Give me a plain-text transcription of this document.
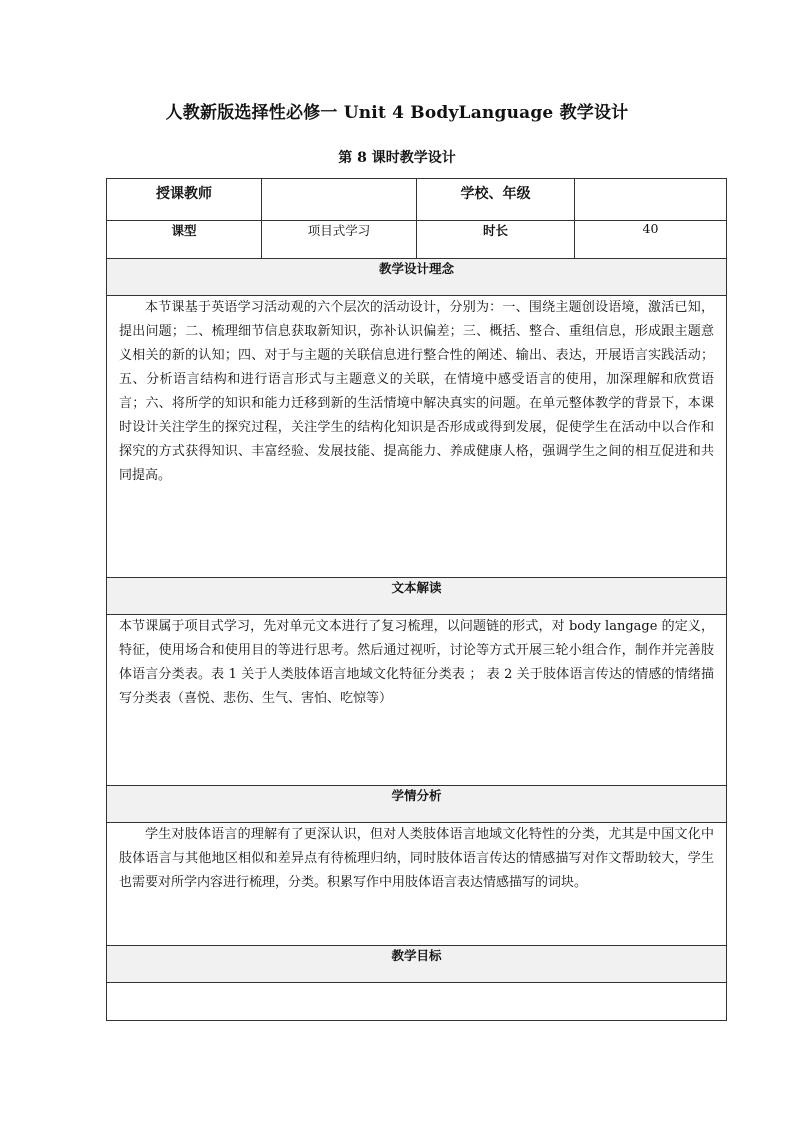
人教新版选择性必修一 Unit 4 BodyLanguage 教学设计
第 8 课时教学设计
授课教师		学校、年级	
课型	项目式学习	时长	40
教学设计理念			

本节课基于英语学习活动观的六个层次的活动设计，分别为：一、围绕主题创设语境，激活已知，提出问题；二、梳理细节信息获取新知识，弥补认识偏差；三、概括、整合、重组信息，形成跟主题意义相关的新的认知；四、对于与主题的关联信息进行整合性的阐述、输出、表达，开展语言实践活动；五、分析语言结构和进行语言形式与主题意义的关联，在情境中感受语言的使用，加深理解和欣赏语言；六、将所学的知识和能力迁移到新的生活情境中解决真实的问题。在单元整体教学的背景下，本课时设计关注学生的探究过程，关注学生的结构化知识是否形成或得到发展，促使学生在活动中以合作和探究的方式获得知识、丰富经验、发展技能、提高能力、养成健康人格，强调学生之间的相互促进和共同提高。			

文本解读			

本节课属于项目式学习，先对单元文本进行了复习梳理，以问题链的形式，对 body langage 的定义，特征，使用场合和使用目的等进行思考。然后通过视听，讨论等方式开展三轮小组合作，制作并完善肢体语言分类表。表 1 关于人类肢体语言地域文化特征分类表 ； 表 2 关于肢体语言传达的情感的情绪描写分类表（喜悦、悲伤、生气、害怕、吃惊等）			

学情分析			

学生对肢体语言的理解有了更深认识，但对人类肢体语言地域文化特性的分类，尤其是中国文化中肢体语言与其他地区相似和差异点有待梳理归纳，同时肢体语言传达的情感描写对作文帮助较大，学生也需要对所学内容进行梳理，分类。积累写作中用肢体语言表达情感描写的词块。			

教学目标			
